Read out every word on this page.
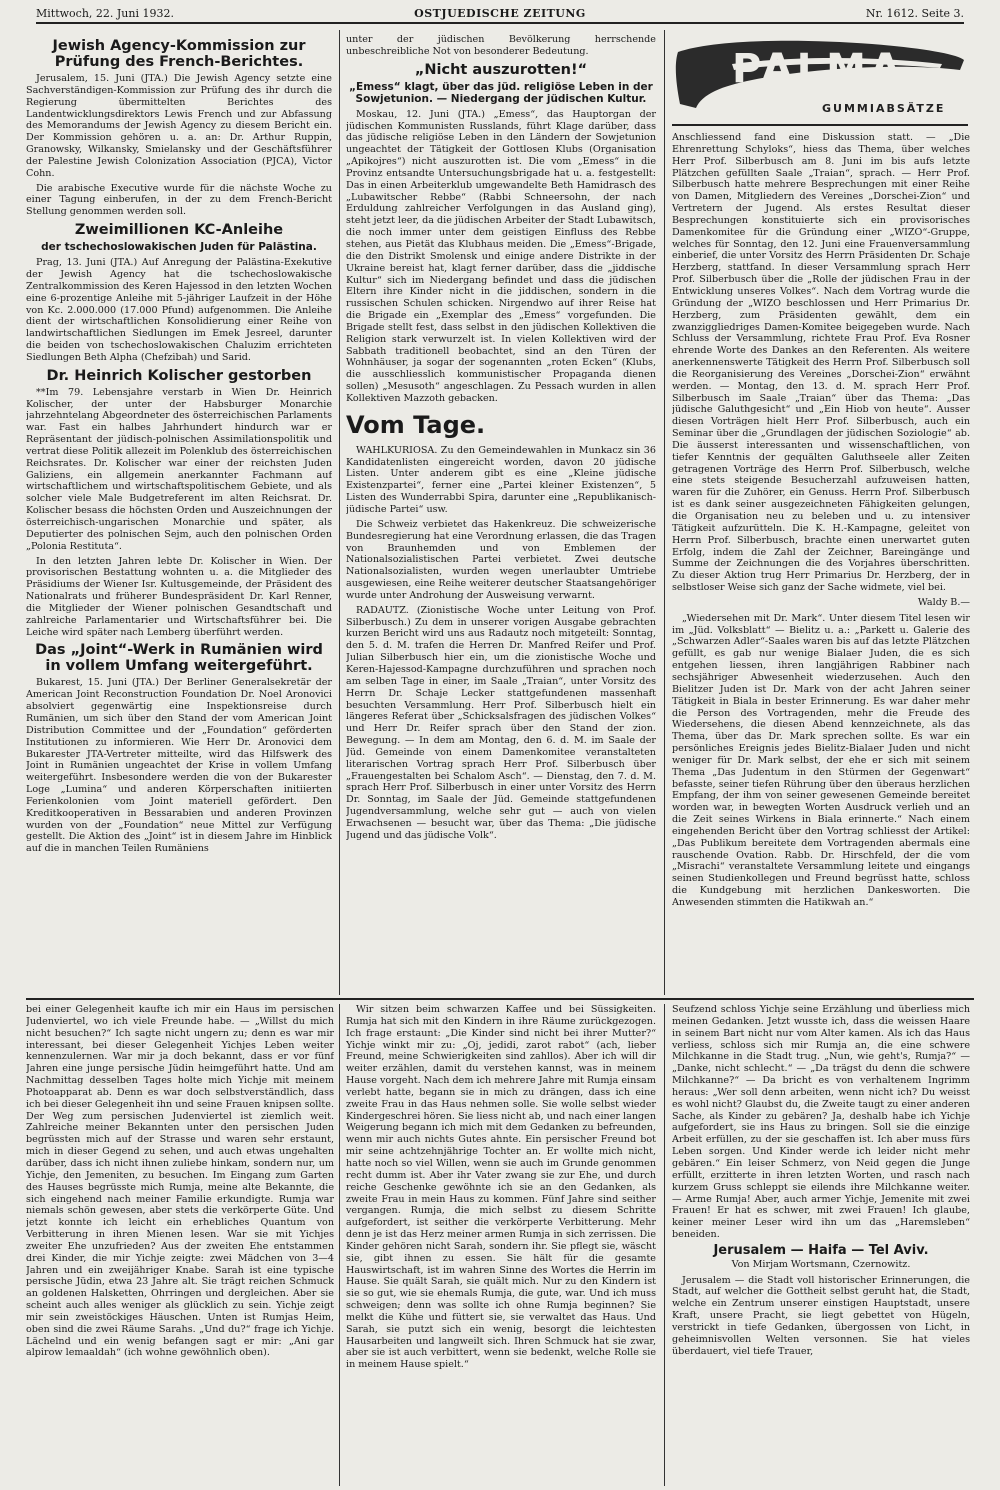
Mittwoch, 22. Juni 1932.	OSTJUEDISCHE ZEITUNG	Nr. 1612. Seite 3.
Jewish Agency-Kommission zur Prüfung des French-Berichtes.

Jerusalem, 15. Juni (JTA.) Die Jewish Agency setzte eine Sachverständigen-Kommission zur Prüfung des ihr durch die Regierung übermittelten Berichtes des Landentwicklungsdirektors Lewis French und zur Abfassung des Memorandums der Jewish Agency zu diesem Bericht ein. Der Kommission gehören u. a. an: Dr. Arthur Ruppin, Granowsky, Wilkansky, Smielansky und der Geschäftsführer der Palestine Jewish Colonization Association (PJCA), Victor Cohn.

Die arabische Executive wurde für die nächste Woche zu einer Tagung einberufen, in der zu dem French-Bericht Stellung genommen werden soll.

Zweimillionen KC-Anleihe
der tschechoslowakischen Juden für Palästina.

Prag, 13. Juni (JTA.) Auf Anregung der Palästina-Exekutive der Jewish Agency hat die tschechoslowakische Zentralkommission des Keren Hajessod in den letzten Wochen eine 6-prozentige Anleihe mit 5-jähriger Laufzeit in der Höhe von Kc. 2.000.000 (17.000 Pfund) aufgenommen. Die Anleihe dient der wirtschaftlichen Konsolidierung einer Reihe von landwirtschaftlichen Siedlungen im Emek Jesreel, darunter die beiden von tschechoslowakischen Chaluzim errichteten Siedlungen Beth Alpha (Chefzibah) und Sarid.

Dr. Heinrich Kolischer gestorben

**Im 79. Lebensjahre verstarb in Wien Dr. Heinrich Kolischer, der unter der Habsburger Monarchie jahrzehntelang Abgeordneter des österreichischen Parlaments war. Fast ein halbes Jahrhundert hindurch war er Repräsentant der jüdisch-polnischen Assimilationspolitik und vertrat diese Politik allezeit im Polenklub des österreichischen Reichsrates. Dr. Kolischer war einer der reichsten Juden Galiziens, ein allgemein anerkannter Fachmann auf wirtschaftlichem und wirtschaftspolitischem Gebiete, und als solcher viele Male Budgetreferent im alten Reichsrat. Dr. Kolischer besass die höchsten Orden und Auszeichnungen der österreichisch-ungarischen Monarchie und später, als Deputierter des polnischen Sejm, auch den polnischen Orden „Polonia Restituta“.

In den letzten Jahren lebte Dr. Kolischer in Wien. Der provisorischen Bestattung wohnten u. a. die Mitglieder des Präsidiums der Wiener Isr. Kultusgemeinde, der Präsident des Nationalrats und früherer Bundespräsident Dr. Karl Renner, die Mitglieder der Wiener polnischen Gesandtschaft und zahlreiche Parlamentarier und Wirtschaftsführer bei. Die Leiche wird später nach Lemberg überführt werden.

Das „Joint“-Werk in Rumänien wird in vollem Umfang weitergeführt.

Bukarest, 15. Juni (JTA.) Der Berliner Generalsekretär der American Joint Reconstruction Foundation Dr. Noel Aronovici absolviert gegenwärtig eine Inspektionsreise durch Rumänien, um sich über den Stand der vom American Joint Distribution Committee und der „Foundation“ geförderten Institutionen zu informieren. Wie Herr Dr. Aronovici dem Bukarester JTA-Vertreter mitteilte, wird das Hilfswerk des Joint in Rumänien ungeachtet der Krise in vollem Umfang weitergeführt. Insbesondere werden die von der Bukarester Loge „Lumina“ und anderen Körperschaften initiierten Ferienkolonien vom Joint materiell gefördert. Den Kreditkooperativen in Bessarabien und anderen Provinzen wurden von der „Foundation“ neue Mittel zur Verfügung gestellt. Die Aktion des „Joint“ ist in diesem Jahre im Hinblick auf die in manchen Teilen Rumäniens

unter der jüdischen Bevölkerung herrschende unbeschreibliche Not von besonderer Bedeutung.

„Nicht auszurotten!“
„Emess“ klagt, über das jüd. religiöse Leben in der Sowjetunion. — Niedergang der jüdischen Kultur.

Moskau, 12. Juni (JTA.) „Emess“, das Hauptorgan der jüdischen Kommunisten Russlands, führt Klage darüber, dass das jüdische religiöse Leben in den Ländern der Sowjetunion ungeachtet der Tätigkeit der Gottlosen Klubs (Organisation „Apikojres“) nicht auszurotten ist. Die vom „Emess“ in die Provinz entsandte Untersuchungsbrigade hat u. a. festgestellt: Das in einen Arbeiterklub umgewandelte Beth Hamidrasch des „Lubawitscher Rebbe“ (Rabbi Schneersohn, der nach Erduldung zahlreicher Verfolgungen in das Ausland ging), steht jetzt leer, da die jüdischen Arbeiter der Stadt Lubawitsch, die noch immer unter dem geistigen Einfluss des Rebbe stehen, aus Pietät das Klubhaus meiden. Die „Emess“-Brigade, die den Distrikt Smolensk und einige andere Distrikte in der Ukraine bereist hat, klagt ferner darüber, dass die „jiddische Kultur“ sich im Niedergang befindet und dass die jüdischen Eltern ihre Kinder nicht in die jiddischen, sondern in die russischen Schulen schicken. Nirgendwo auf ihrer Reise hat die Brigade ein „Exemplar des „Emess“ vorgefunden. Die Brigade stellt fest, dass selbst in den jüdischen Kollektiven die Religion stark verwurzelt ist. In vielen Kollektiven wird der Sabbath traditionell beobachtet, sind an den Türen der Wohnhäuser, ja sogar der sogenannten „roten Ecken“ (Klubs, die ausschliesslich kommunistischer Propaganda dienen sollen) „Mesusoth“ angeschlagen. Zu Pessach wurden in allen Kollektiven Mazzoth gebacken.

Vom Tage.

WAHLKURIOSA. Zu den Gemeindewahlen in Munkacz sin 36 Kandidatenlisten eingereicht worden, davon 20 jüdische Listen. Unter anderem gibt es eine „Kleine jüdische Existenzpartei“, ferner eine „Partei kleiner Existenzen“, 5 Listen des Wunderrabbi Spira, darunter eine „Republikanisch-jüdische Partei“ usw.

Die Schweiz verbietet das Hakenkreuz. Die schweizerische Bundesregierung hat eine Verordnung erlassen, die das Tragen von Braunhemden und von Emblemen der Nationalsozialistischen Partei verbietet. Zwei deutsche Nationalsozialisten, wurden wegen unerlaubter Umtriebe ausgewiesen, eine Reihe weiterer deutscher Staatsangehöriger wurde unter Androhung der Ausweisung verwarnt.

RADAUTZ. (Zionistische Woche unter Leitung von Prof. Silberbusch.) Zu dem in unserer vorigen Ausgabe gebrachten kurzen Bericht wird uns aus Radautz noch mitgeteilt: Sonntag, den 5. d. M. trafen die Herren Dr. Manfred Reifer und Prof. Julian Silberbusch hier ein, um die zionistische Woche und Keren-Hajessod-Kampagne durchzuführen und sprachen noch am selben Tage in einer, im Saale „Traian“, unter Vorsitz des Herrn Dr. Schaje Lecker stattgefundenen massenhaft besuchten Versammlung. Herr Prof. Silberbusch hielt ein längeres Referat über „Schicksalsfragen des jüdischen Volkes“ und Herr Dr. Reifer sprach über den Stand der zion. Bewegung. — In dem am Montag, den 6. d. M. im Saale der Jüd. Gemeinde von einem Damenkomitee veranstalteten literarischen Vortrag sprach Herr Prof. Silberbusch über „Frauengestalten bei Schalom Asch“. — Dienstag, den 7. d. M. sprach Herr Prof. Silberbusch in einer unter Vorsitz des Herrn Dr. Sonntag, im Saale der Jüd. Gemeinde stattgefundenen Jugendversammlung, welche sehr gut — auch von vielen Erwachsenen — besucht war, über das Thema: „Die jüdische Jugend und das jüdische Volk“.

PALMA
GUMMIABSÄTZE

Anschliessend fand eine Diskussion statt. — „Die Ehrenrettung Schyloks“, hiess das Thema, über welches Herr Prof. Silberbusch am 8. Juni im bis aufs letzte Plätzchen gefüllten Saale „Traian“, sprach. — Herr Prof. Silberbusch hatte mehrere Besprechungen mit einer Reihe von Damen, Mitgliedern des Vereines „Dorschei-Zion“ und Vertretern der Jugend. Als erstes Resultat dieser Besprechungen konstituierte sich ein provisorisches Damenkomitee für die Gründung einer „WIZO“-Gruppe, welches für Sonntag, den 12. Juni eine Frauenversammlung einberief, die unter Vorsitz des Herrn Präsidenten Dr. Schaje Herzberg, stattfand. In dieser Versammlung sprach Herr Prof. Silberbusch über die „Rolle der jüdischen Frau in der Entwicklung unseres Volkes“. Nach dem Vortrag wurde die Gründung der „WIZO beschlossen und Herr Primarius Dr. Herzberg, zum Präsidenten gewählt, dem ein zwanziggliedriges Damen-Komitee beigegeben wurde. Nach Schluss der Versammlung, richtete Frau Prof. Eva Rosner ehrende Worte des Dankes an den Referenten. Als weitere anerkennenswerte Tätigkeit des Herrn Prof. Silberbusch soll die Reorganisierung des Vereines „Dorschei-Zion“ erwähnt werden. — Montag, den 13. d. M. sprach Herr Prof. Silberbusch im Saale „Traian“ über das Thema: „Das jüdische Galuthgesicht“ und „Ein Hiob von heute“. Ausser diesen Vorträgen hielt Herr Prof. Silberbusch, auch ein Seminar über die „Grundlagen der jüdischen Soziologie“ ab. Die äusserst interessanten und wissenschaftlichen, von tiefer Kenntnis der gequälten Galuthseele aller Zeiten getragenen Vorträge des Herrn Prof. Silberbusch, welche eine stets steigende Besucherzahl aufzuweisen hatten, waren für die Zuhörer, ein Genuss. Herrn Prof. Silberbusch ist es dank seiner ausgezeichneten Fähigkeiten gelungen, die Organisation neu zu beleben und u. zu intensiver Tätigkeit aufzurütteln. Die K. H.-Kampagne, geleitet von Herrn Prof. Silberbusch, brachte einen unerwartet guten Erfolg, indem die Zahl der Zeichner, Bareingänge und Summe der Zeichnungen die des Vorjahres überschritten. Zu dieser Aktion trug Herr Primarius Dr. Herzberg, der in selbstloser Weise sich ganz der Sache widmete, viel bei.

Waldy B.—

„Wiedersehen mit Dr. Mark“. Unter diesem Titel lesen wir im „Jüd. Volksblatt“ — Bielitz u. a.: „Parkett u. Galerie des „Schwarzen Adler“-Saales waren bis auf das letzte Plätzchen gefüllt, es gab nur wenige Bialaer Juden, die es sich entgehen liessen, ihren langjährigen Rabbiner nach sechsjähriger Abwesenheit wiederzusehen. Auch den Bielitzer Juden ist Dr. Mark von der acht Jahren seiner Tätigkeit in Biala in bester Erinnerung. Es war daher mehr die Person des Vortragenden, mehr die Freude des Wiedersehens, die diesen Abend kennzeichnete, als das Thema, über das Dr. Mark sprechen sollte. Es war ein persönliches Ereignis jedes Bielitz-Bialaer Juden und nicht weniger für Dr. Mark selbst, der ehe er sich mit seinem Thema „Das Judentum in den Stürmen der Gegenwart“ befasste, seiner tiefen Rührung über den überaus herzlichen Empfang, der ihm von seiner gewesenen Gemeinde bereitet worden war, in bewegten Worten Ausdruck verlieh und an die Zeit seines Wirkens in Biala erinnerte.“ Nach einem eingehenden Bericht über den Vortrag schliesst der Artikel: „Das Publikum bereitete dem Vortragenden abermals eine rauschende Ovation. Rabb. Dr. Hirschfeld, der die vom „Misrachi“ veranstaltete Versammlung leitete und eingangs seinen Studienkollegen und Freund begrüsst hatte, schloss die Kundgebung mit herzlichen Dankesworten. Die Anwesenden stimmten die Hatikwah an.“

bei einer Gelegenheit kaufte ich mir ein Haus im persischen Judenviertel, wo ich viele Freunde habe. — „Willst du mich nicht besuchen?“ Ich sagte nicht ungern zu; denn es war mir interessant, bei dieser Gelegenheit Yichjes Leben weiter kennenzulernen. War mir ja doch bekannt, dass er vor fünf Jahren eine junge persische Jüdin heimgeführt hatte. Und am Nachmittag desselben Tages holte mich Yichje mit meinem Photoapparat ab. Denn es war doch selbstverständlich, dass ich bei dieser Gelegenheit ihn und seine Frauen knipsen sollte. Der Weg zum persischen Judenviertel ist ziemlich weit. Zahlreiche meiner Bekannten unter den persischen Juden begrüssten mich auf der Strasse und waren sehr erstaunt, mich in dieser Gegend zu sehen, und auch etwas ungehalten darüber, dass ich nicht ihnen zuliebe hinkam, sondern nur, um Yichje, den Jemeniten, zu besuchen. Im Eingang zum Garten des Hauses begrüsste mich Rumja, meine alte Bekannte, die sich eingehend nach meiner Familie erkundigte. Rumja war niemals schön gewesen, aber stets die verkörperte Güte. Und jetzt konnte ich leicht ein erhebliches Quantum von Verbitterung in ihren Mienen lesen. War sie mit Yichjes zweiter Ehe unzufrieden? Aus der zweiten Ehe entstammen drei Kinder, die mir Yichje zeigte: zwei Mädchen von 3—4 Jahren und ein zweijähriger Knabe. Sarah ist eine typische persische Jüdin, etwa 23 Jahre alt. Sie trägt reichen Schmuck an goldenen Halsketten, Ohrringen und dergleichen. Aber sie scheint auch alles weniger als glücklich zu sein. Yichje zeigt mir sein zweistöckiges Häuschen. Unten ist Rumjas Heim, oben sind die zwei Räume Sarahs. „Und du?“ frage ich Yichje. Lächelnd und ein wenig befangen sagt er mir: „Ani gar alpirow lemaaldah“ (ich wohne gewöhnlich oben).

Wir sitzen beim schwarzen Kaffee und bei Süssigkeiten. Rumja hat sich mit den Kindern in ihre Räume zurückgezogen. Ich frage erstaunt: „Die Kinder sind nicht bei ihrer Mutter?“ Yichje winkt mir zu: „Oj, jedidi, zarot rabot“ (ach, lieber Freund, meine Schwierigkeiten sind zahllos). Aber ich will dir weiter erzählen, damit du verstehen kannst, was in meinem Hause vorgeht. Nach dem ich mehrere Jahre mit Rumja einsam verlebt hatte, begann sie in mich zu drängen, dass ich eine zweite Frau in das Haus nehmen solle. Sie wolle selbst wieder Kindergeschrei hören. Sie liess nicht ab, und nach einer langen Weigerung begann ich mich mit dem Gedanken zu befreunden, wenn mir auch nichts Gutes ahnte. Ein persischer Freund bot mir seine achtzehnjährige Tochter an. Er wollte mich nicht, hatte noch so viel Willen, wenn sie auch im Grunde genommen recht dumm ist. Aber ihr Vater zwang sie zur Ehe, und durch reiche Geschenke gewöhnte ich sie an den Gedanken, als zweite Frau in mein Haus zu kommen. Fünf Jahre sind seither vergangen. Rumja, die mich selbst zu diesem Schritte aufgefordert, ist seither die verkörperte Verbitterung. Mehr denn je ist das Herz meiner armen Rumja in sich zerrissen. Die Kinder gehören nicht Sarah, sondern ihr. Sie pflegt sie, wäscht sie, gibt ihnen zu essen. Sie hält für die gesamte Hauswirtschaft, ist im wahren Sinne des Wortes die Herrin im Hause. Sie quält Sarah, sie quält mich. Nur zu den Kindern ist sie so gut, wie sie ehemals Rumja, die gute, war. Und ich muss schweigen; denn was sollte ich ohne Rumja beginnen? Sie melkt die Kühe und füttert sie, sie verwaltet das Haus. Und Sarah, sie putzt sich ein wenig, besorgt die leichtesten Hausarbeiten und langweilt sich. Ihren Schmuck hat sie zwar, aber sie ist auch verbittert, wenn sie bedenkt, welche Rolle sie in meinem Hause spielt.“

Seufzend schloss Yichje seine Erzählung und überliess mich meinen Gedanken. Jetzt wusste ich, dass die weissen Haare in seinem Bart nicht nur vom Alter kamen. Als ich das Haus verliess, schloss sich mir Rumja an, die eine schwere Milchkanne in die Stadt trug. „Nun, wie geht's, Rumja?“ — „Danke, nicht schlecht.“ — „Da trägst du denn die schwere Milchkanne?“ — Da bricht es von verhaltenem Ingrimm heraus: „Wer soll denn arbeiten, wenn nicht ich? Du weisst es wohl nicht? Glaubst du, die Zweite taugt zu einer anderen Sache, als Kinder zu gebären? Ja, deshalb habe ich Yichje aufgefordert, sie ins Haus zu bringen. Soll sie die einzige Arbeit erfüllen, zu der sie geschaffen ist. Ich aber muss fürs Leben sorgen. Und Kinder werde ich leider nicht mehr gebären.“ Ein leiser Schmerz, von Neid gegen die Junge erfüllt, erzitterte in ihren letzten Worten, und rasch nach kurzem Gruss schleppt sie eilends ihre Milchkanne weiter. — Arme Rumja! Aber, auch armer Yichje, Jemenite mit zwei Frauen! Er hat es schwer, mit zwei Frauen! Ich glaube, keiner meiner Leser wird ihn um das „Haremsleben“ beneiden.

Jerusalem — Haifa — Tel Aviv.
Von Mirjam Wortsmann, Czernowitz.

Jerusalem — die Stadt voll historischer Erinnerungen, die Stadt, auf welcher die Gottheit selbst geruht hat, die Stadt, welche ein Zentrum unserer einstigen Hauptstadt, unsere Kraft, unsere Pracht, sie liegt gebettet von Hügeln, verstrickt in tiefe Gedanken, übergossen von Licht, in geheimnisvollen Welten versonnen. Sie hat vieles überdauert, viel tiefe Trauer,
